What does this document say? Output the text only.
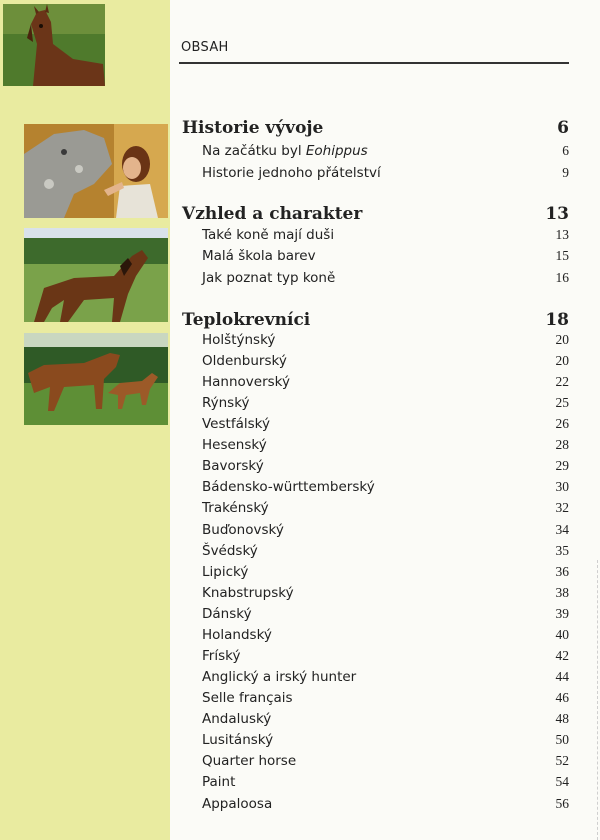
OBSAH
Historie vývoje	6
Na začátku byl Eohippus	6
Historie jednoho přátelství	9
Vzhled a charakter	13
Také koně mají duši	13
Malá škola barev	15
Jak poznat typ koně	16
Teplokrevníci	18
Holštýnský	20
Oldenburský	20
Hannoverský	22
Rýnský	25
Vestfálský	26
Hesenský	28
Bavorský	29
Bádensko-württemberský	30
Trakénský	32
Buďonovský	34
Švédský	35
Lipický	36
Knabstrupský	38
Dánský	39
Holandský	40
Fríský	42
Anglický a irský hunter	44
Selle français	46
Andaluský	48
Lusitánský	50
Quarter horse	52
Paint	54
Appaloosa	56
